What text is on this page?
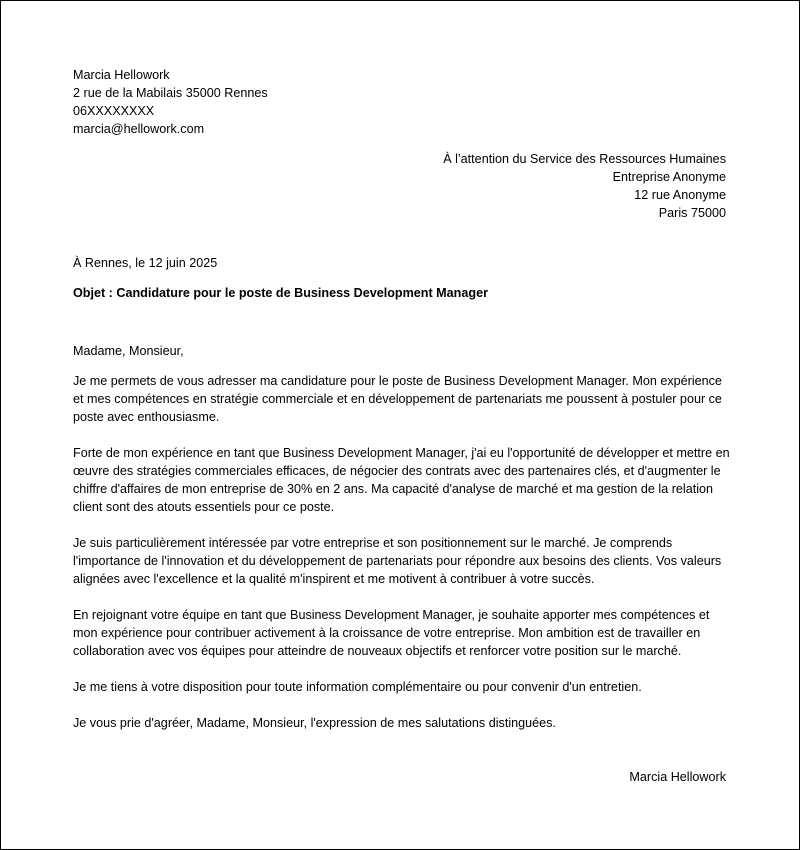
Marcia Hellowork
2 rue de la Mabilais 35000 Rennes
06XXXXXXXX
marcia@hellowork.com
À l’attention du Service des Ressources Humaines
Entreprise Anonyme
12 rue Anonyme
Paris 75000
À Rennes, le 12 juin 2025
Objet : Candidature pour le poste de Business Development Manager
Madame, Monsieur,

Je me permets de vous adresser ma candidature pour le poste de Business Development Manager. Mon expérience et mes compétences en stratégie commerciale et en développement de partenariats me poussent à postuler pour ce poste avec enthousiasme.

Forte de mon expérience en tant que Business Development Manager, j'ai eu l'opportunité de développer et mettre en œuvre des stratégies commerciales efficaces, de négocier des contrats avec des partenaires clés, et d'augmenter le chiffre d'affaires de mon entreprise de 30% en 2 ans. Ma capacité d'analyse de marché et ma gestion de la relation client sont des atouts essentiels pour ce poste.

Je suis particulièrement intéressée par votre entreprise et son positionnement sur le marché. Je comprends l'importance de l'innovation et du développement de partenariats pour répondre aux besoins des clients. Vos valeurs alignées avec l'excellence et la qualité m'inspirent et me motivent à contribuer à votre succès.

En rejoignant votre équipe en tant que Business Development Manager, je souhaite apporter mes compétences et mon expérience pour contribuer activement à la croissance de votre entreprise. Mon ambition est de travailler en collaboration avec vos équipes pour atteindre de nouveaux objectifs et renforcer votre position sur le marché.

Je me tiens à votre disposition pour toute information complémentaire ou pour convenir d'un entretien.

Je vous prie d'agréer, Madame, Monsieur, l'expression de mes salutations distinguées.

Marcia Hellowork
